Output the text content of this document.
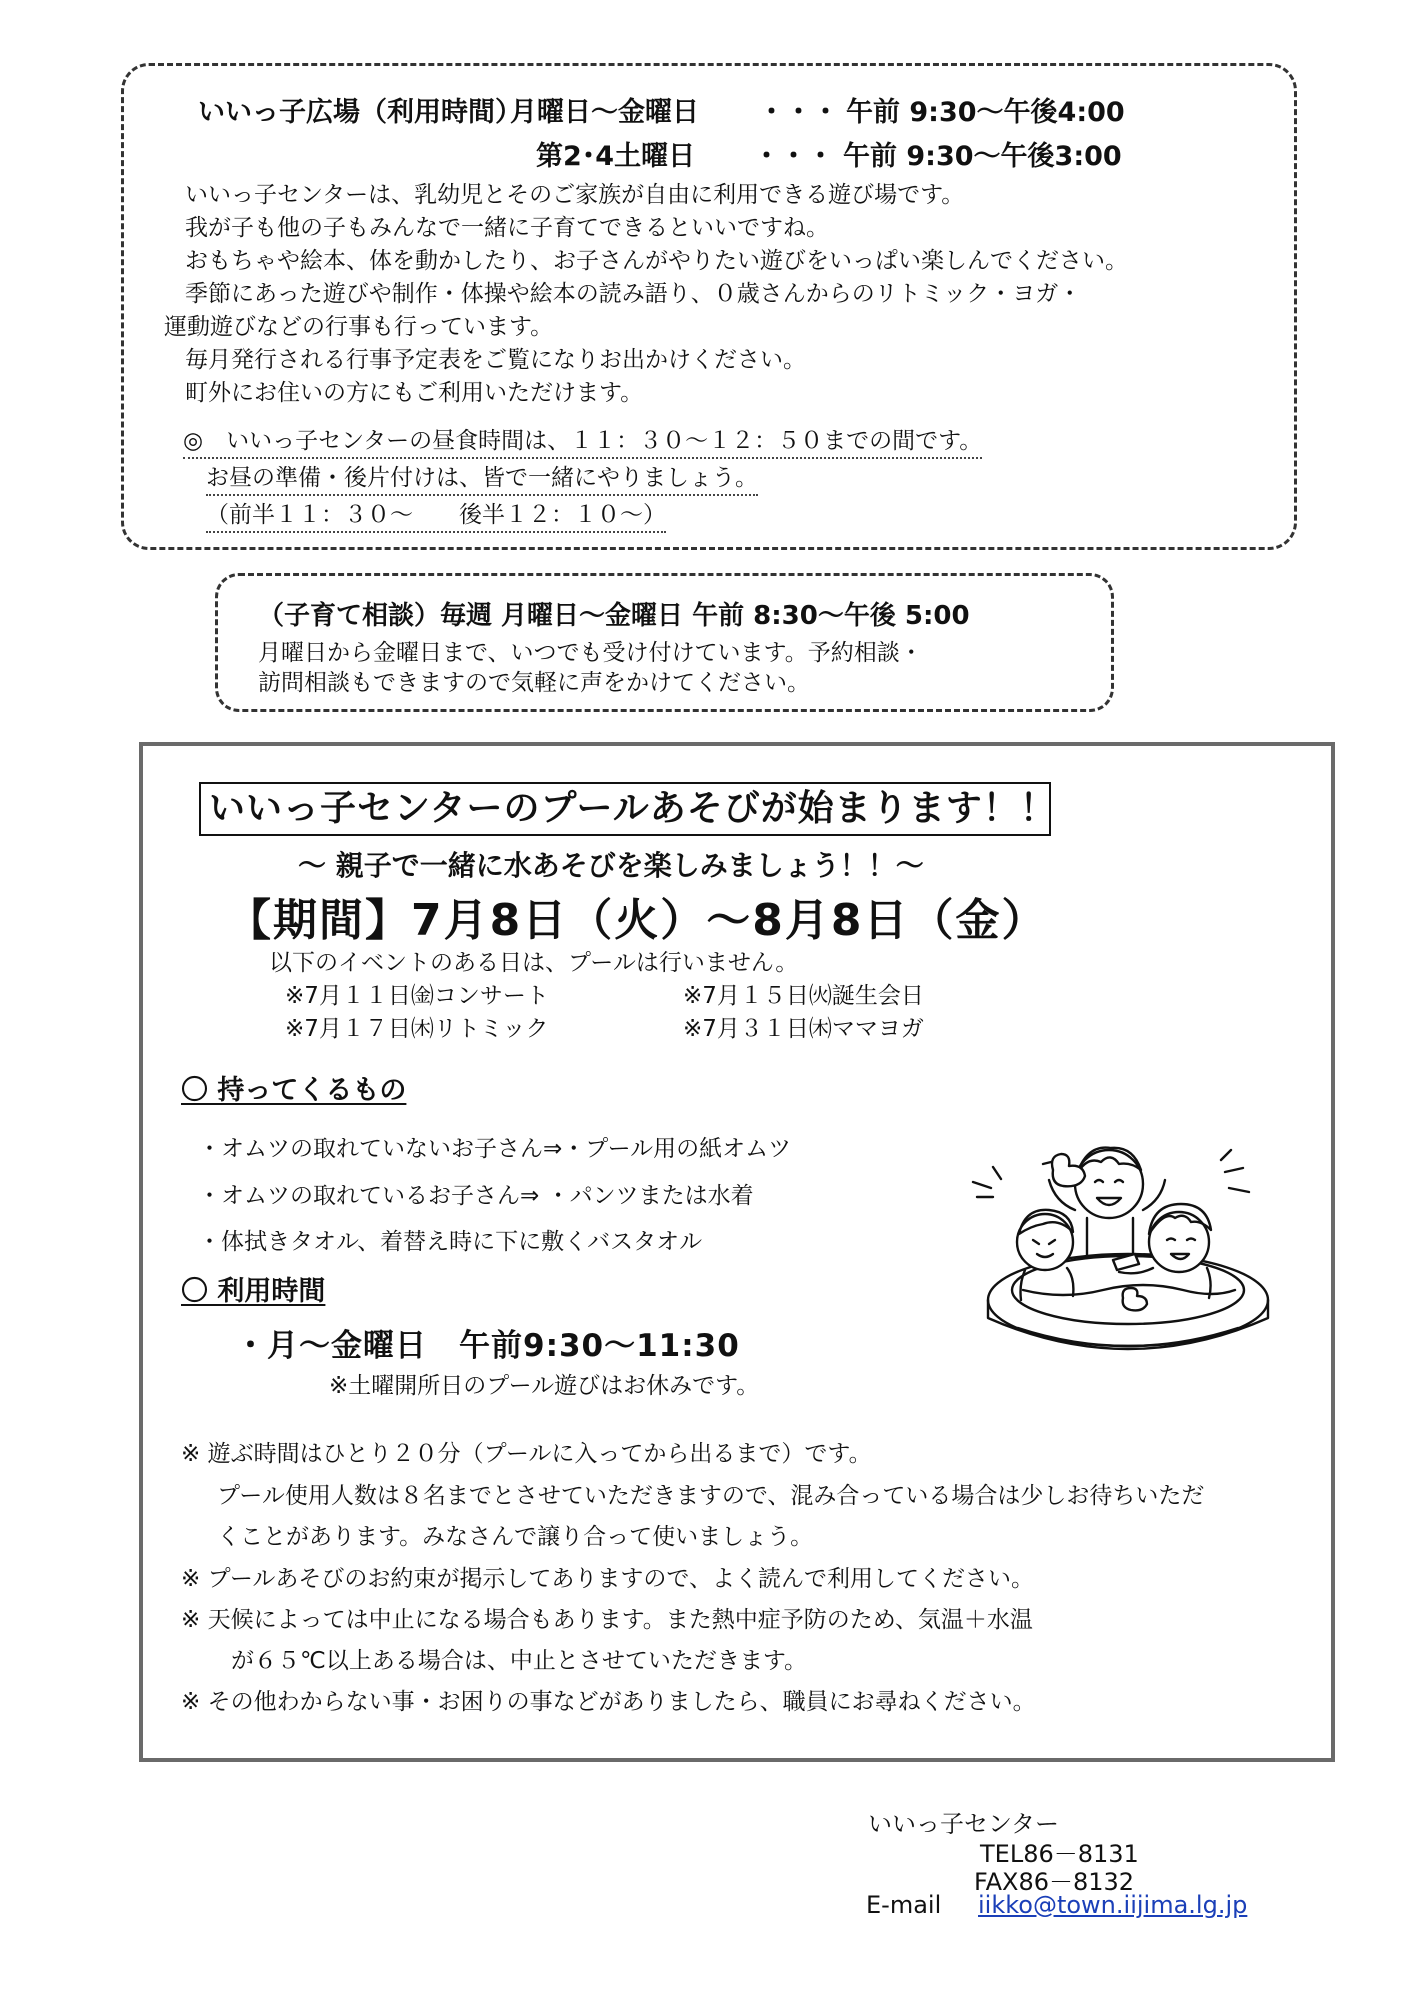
いいっ子広場（利用時間）
月曜日～金曜日 ・・・ 午前 9:30～午後4:00
第2･4土曜日 ・・・ 午前 9:30～午後3:00
いいっ子センターは、乳幼児とそのご家族が自由に利用できる遊び場です。
我が子も他の子もみんなで一緒に子育てできるといいですね。
おもちゃや絵本、体を動かしたり、お子さんがやりたい遊びをいっぱい楽しんでください。
季節にあった遊びや制作・体操や絵本の読み語り、０歳さんからのリトミック・ヨガ・
運動遊びなどの行事も行っています。
毎月発行される行事予定表をご覧になりお出かけください。
町外にお住いの方にもご利用いただけます。
◎　いいっ子センターの昼食時間は、１１：３０～１２：５０までの間です。
お昼の準備・後片付けは、皆で一緒にやりましょう。
（前半１１：３０～　　後半１２：１０～）
（子育て相談）毎週 月曜日～金曜日 午前 8:30～午後 5:00
月曜日から金曜日まで、いつでも受け付けています。予約相談・
訪問相談もできますので気軽に声をかけてください。
いいっ子センターのプールあそびが始まります！！
～ 親子で一緒に水あそびを楽しみましょう！！～
【期間】7月8日（火）～8月8日（金）
以下のイベントのある日は、プールは行いません。
※7月１１日㈮コンサート	※7月１５日㈫誕生会日
※7月１７日㈭リトミック	※7月３１日㈭ママヨガ
〇 持ってくるもの
・オムツの取れていないお子さん⇒・プール用の紙オムツ
・オムツの取れているお子さん⇒ ・パンツまたは水着
・体拭きタオル、着替え時に下に敷くバスタオル
〇 利用時間
・月～金曜日　午前9:30～11:30
※土曜開所日のプール遊びはお休みです。
※ 遊ぶ時間はひとり２０分（プールに入ってから出るまで）です。
プール使用人数は８名までとさせていただきますので、混み合っている場合は少しお待ちいただ
くことがあります。みなさんで譲り合って使いましょう。
※ プールあそびのお約束が掲示してありますので、よく読んで利用してください。
※ 天候によっては中止になる場合もあります。また熱中症予防のため、気温＋水温
が６５℃以上ある場合は、中止とさせていただきます。
※ その他わからない事・お困りの事などがありましたら、職員にお尋ねください。
いいっ子センター
TEL86－8131
FAX86－8132
E-mail iikko@town.iijima.lg.jp
